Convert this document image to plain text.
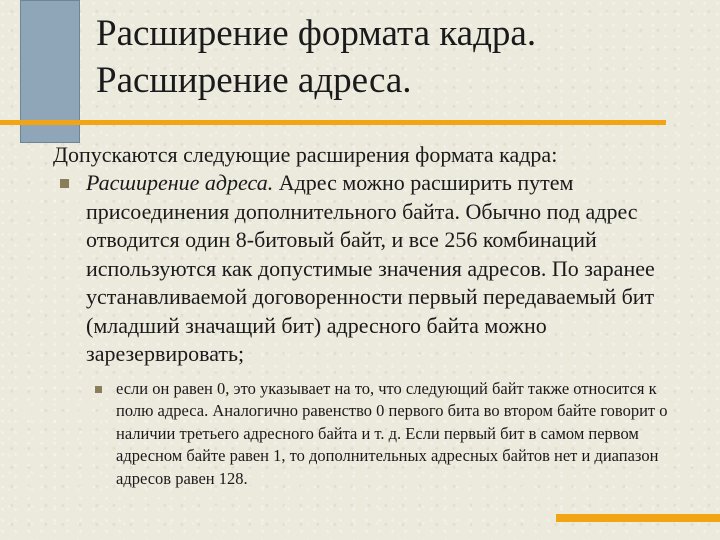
Расширение формата кадра.
Расширение адреса.

Допускаются следующие расширения формата кадра:

Расширение адреса. Адрес можно расширить путем присоединения дополнительного байта. Обычно под адрес отводится один 8-битовый байт, и все 256 комбинаций используются как допустимые значения адресов. По заранее устанавливаемой договоренности первый передаваемый бит (младший значащий бит) адресного байта можно зарезервировать;
если он равен 0, это указывает на то, что следующий байт также относится к полю адреса. Аналогично равенство 0 первого бита во втором байте говорит о наличии третьего адресного байта и т. д. Если первый бит в самом первом адресном байте равен 1, то дополнительных адресных байтов нет и диапазон адресов равен 128.
